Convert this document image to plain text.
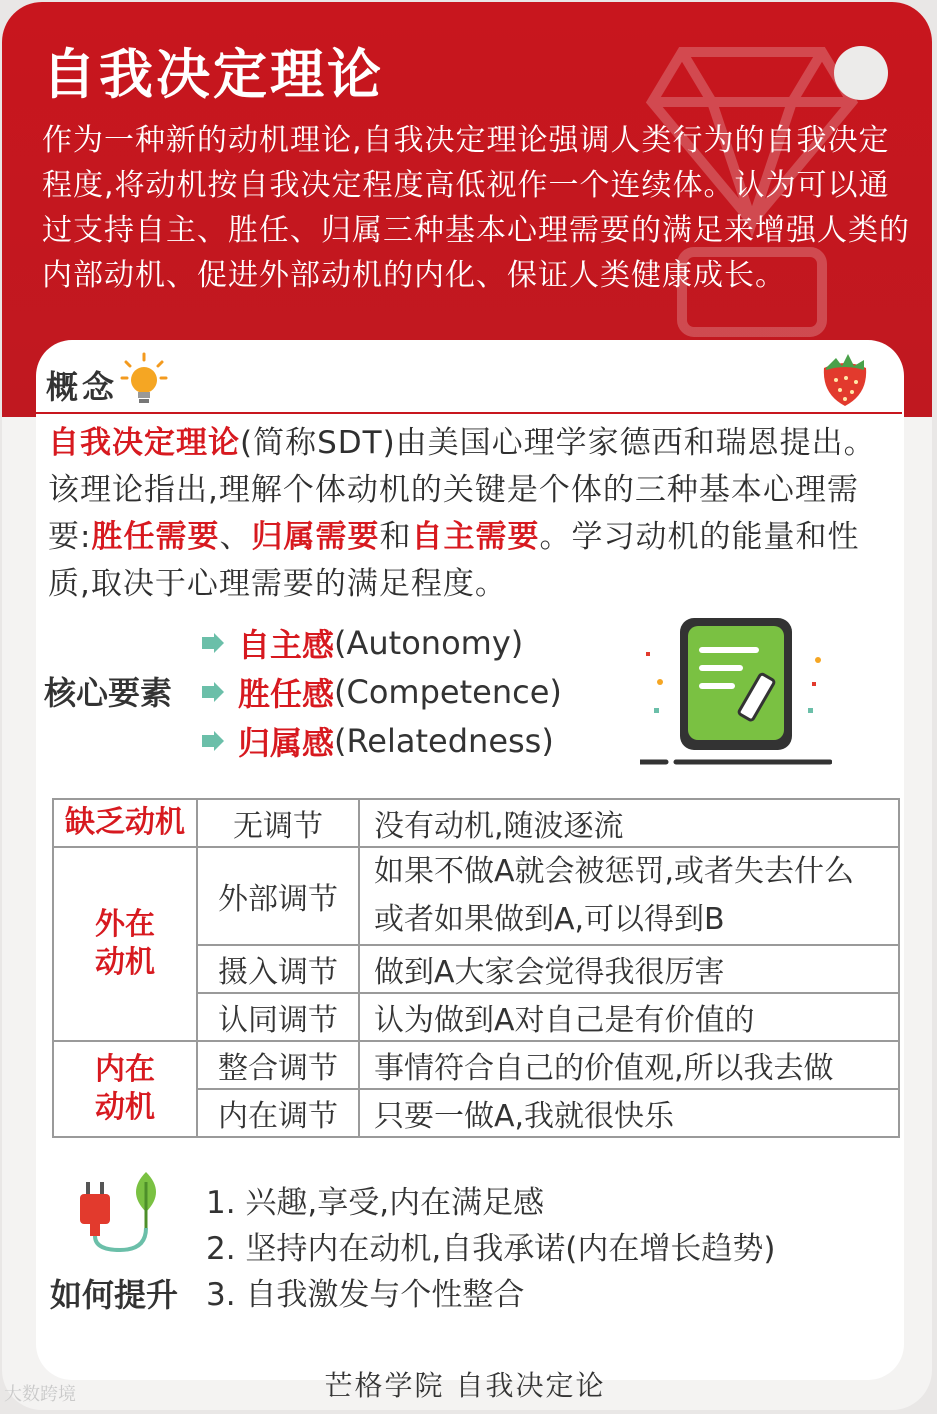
自我决定理论
作为一种新的动机理论,自我决定理论强调人类行为的自我决定程度,将动机按自我决定程度高低视作一个连续体。认为可以通过支持自主、胜任、归属三种基本心理需要的满足来增强人类的内部动机、促进外部动机的内化、保证人类健康成长。
概念
自我决定理论(简称SDT)由美国心理学家德西和瑞恩提出。该理论指出,理解个体动机的关键是个体的三种基本心理需要:胜任需要、归属需要和自主需要。学习动机的能量和性质,取决于心理需要的满足程度。
核心要素
自主感 (Autonomy)
胜任感 (Competence)
归属感 (Relatedness)
缺乏动机	无调节	没有动机,随波逐流
外在
动机	外部调节	如果不做A就会被惩罚,或者失去什么或者如果做到A,可以得到B
	摄入调节	做到A大家会觉得我很厉害
	认同调节	认为做到A对自己是有价值的
内在
动机	整合调节	事情符合自己的价值观,所以我去做
	内在调节	只要一做A,我就很快乐
如何提升
1. 兴趣,享受,内在满足感
2. 坚持内在动机,自我承诺(内在增长趋势)
3. 自我激发与个性整合
芒格学院 自我决定论
大数跨境
